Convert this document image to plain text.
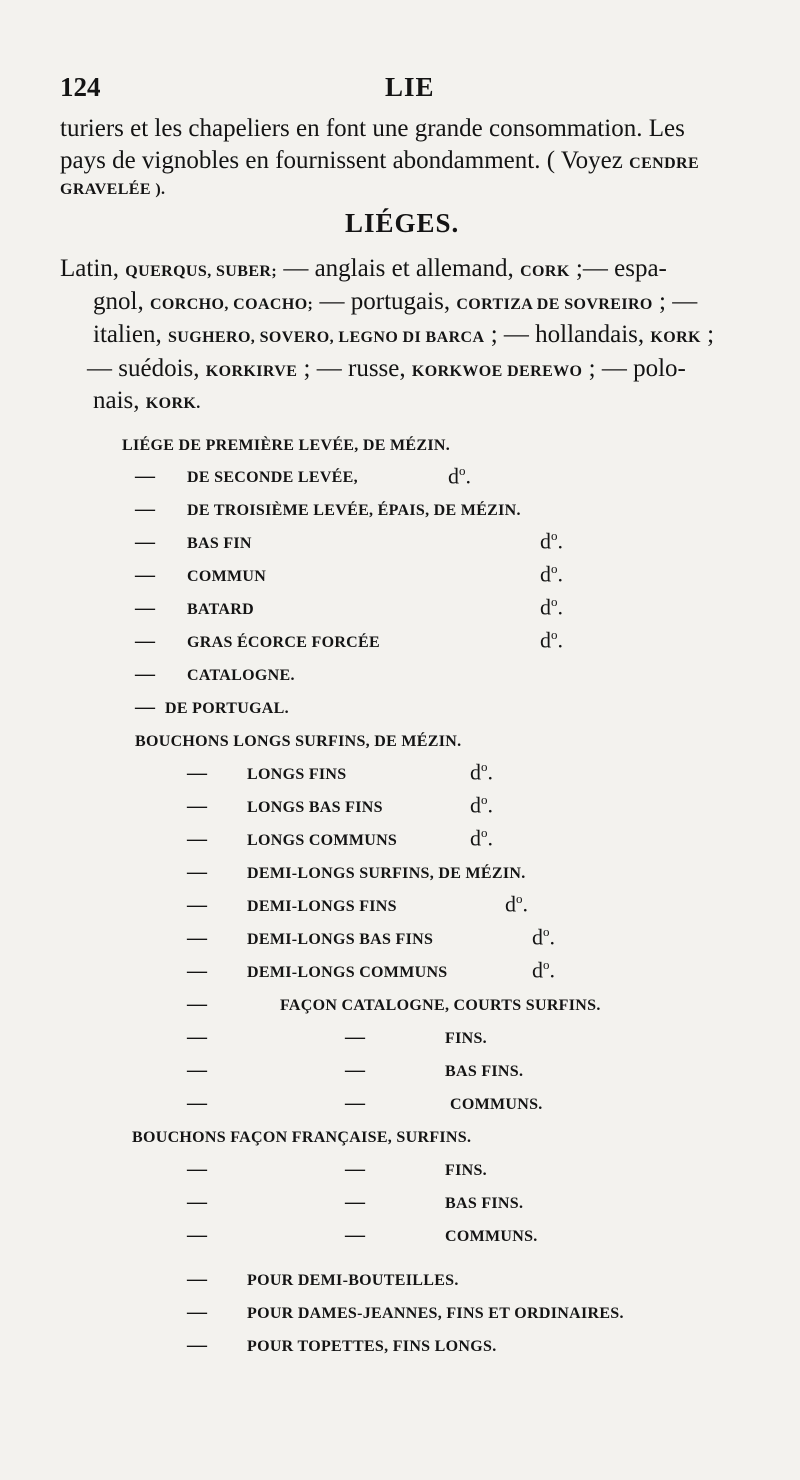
124	LIE
turiers et les chapeliers en font une grande consommation. Les
pays de vignobles en fournissent abondamment. ( Voyez CENDRE
GRAVELÉE ).
LIÉGES.
Latin, QUERQUS, SUBER; — anglais et allemand, CORK ;— espa-
gnol, CORCHO, COACHO; — portugais, CORTIZA DE SOVREIRO ; —
italien, SUGHERO, SOVERO, LEGNO DI BARCA ; — hollandais, KORK ;
— suédois, KORKIRVE ; — russe, KORKWOE DEREWO ; — polo-
nais, KORK.
LIÉGE DE PREMIÈRE LEVÉE, DE MÉZIN.
— DE SECONDE LEVÉE,	$d^o$.
— DE TROISIÈME LEVÉE, ÉPAIS, DE MÉZIN.
— BAS FIN	$d^o$.
— COMMUN	$d^o$.
— BATARD	$d^o$.
— GRAS ÉCORCE FORCÉE	$d^o$.
— CATALOGNE.
— DE PORTUGAL.
BOUCHONS LONGS SURFINS, DE MÉZIN.
—	LONGS FINS	$d^o$.
—	LONGS BAS FINS	$d^o$.
—	LONGS COMMUNS	$d^o$.
—	DEMI-LONGS SURFINS, DE MÉZIN.
—	DEMI-LONGS FINS	$d^o$.
—	DEMI-LONGS BAS FINS	$d^o$.
—	DEMI-LONGS COMMUNS	$d^o$.
—	FAÇON CATALOGNE, COURTS SURFINS.
—	—	FINS.
—	—	BAS FINS.
—	—	COMMUNS.
BOUCHONS FAÇON FRANÇAISE, SURFINS.
—	—	FINS.
—	—	BAS FINS.
—	—	COMMUNS.
—	POUR DEMI-BOUTEILLES.
—	POUR DAMES-JEANNES, FINS ET ORDINAIRES.
—	POUR TOPETTES, FINS LONGS.
